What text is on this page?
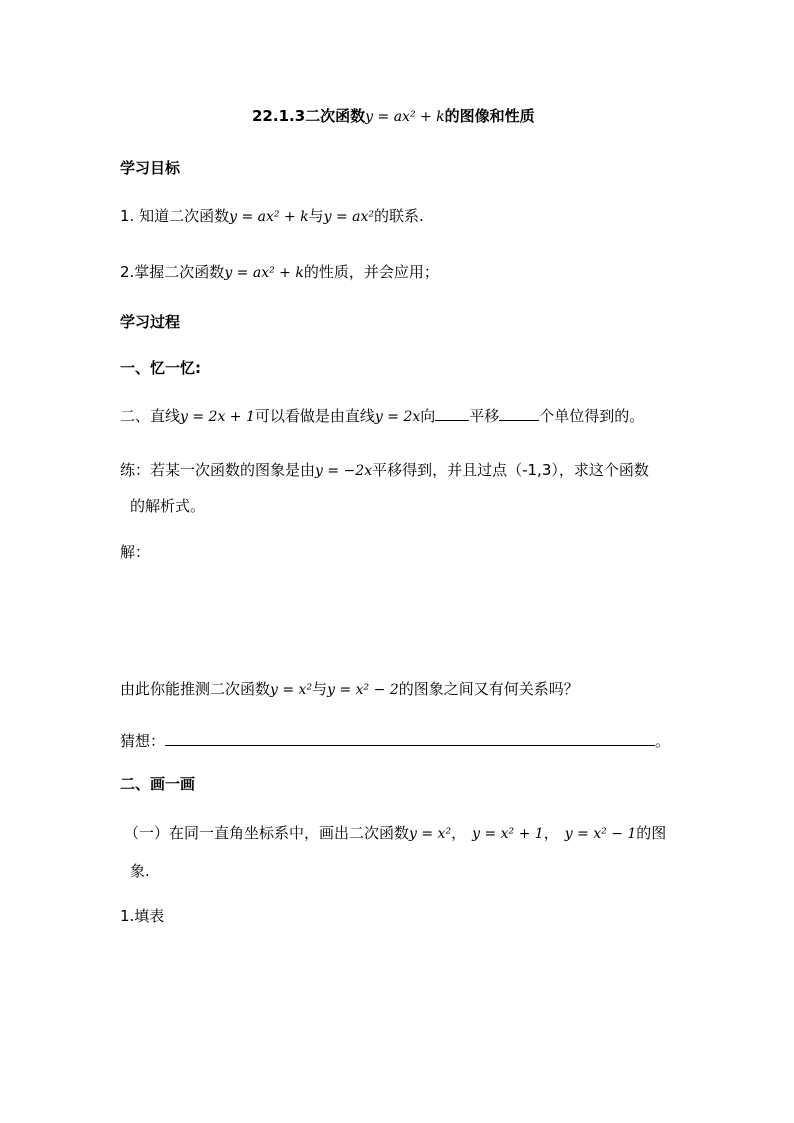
22.1.3二次函数y = ax² + k的图像和性质
学习目标
1. 知道二次函数y = ax² + k与y = ax²的联系.
2.掌握二次函数y = ax² + k的性质，并会应用；
学习过程
一、忆一忆:
二、直线y = 2x + 1可以看做是由直线y = 2x向 平移	个单位得到的。
练：若某一次函数的图象是由y = −2x平移得到，并且过点（-1,3），求这个函数
的解析式。
解：
由此你能推测二次函数y = x²与y = x² − 2的图象之间又有何关系吗？
猜想：	。
二、画一画
（一）在同一直角坐标系中，画出二次函数y = x²， y = x² + 1， y = x² − 1的图
象.
1.填表
